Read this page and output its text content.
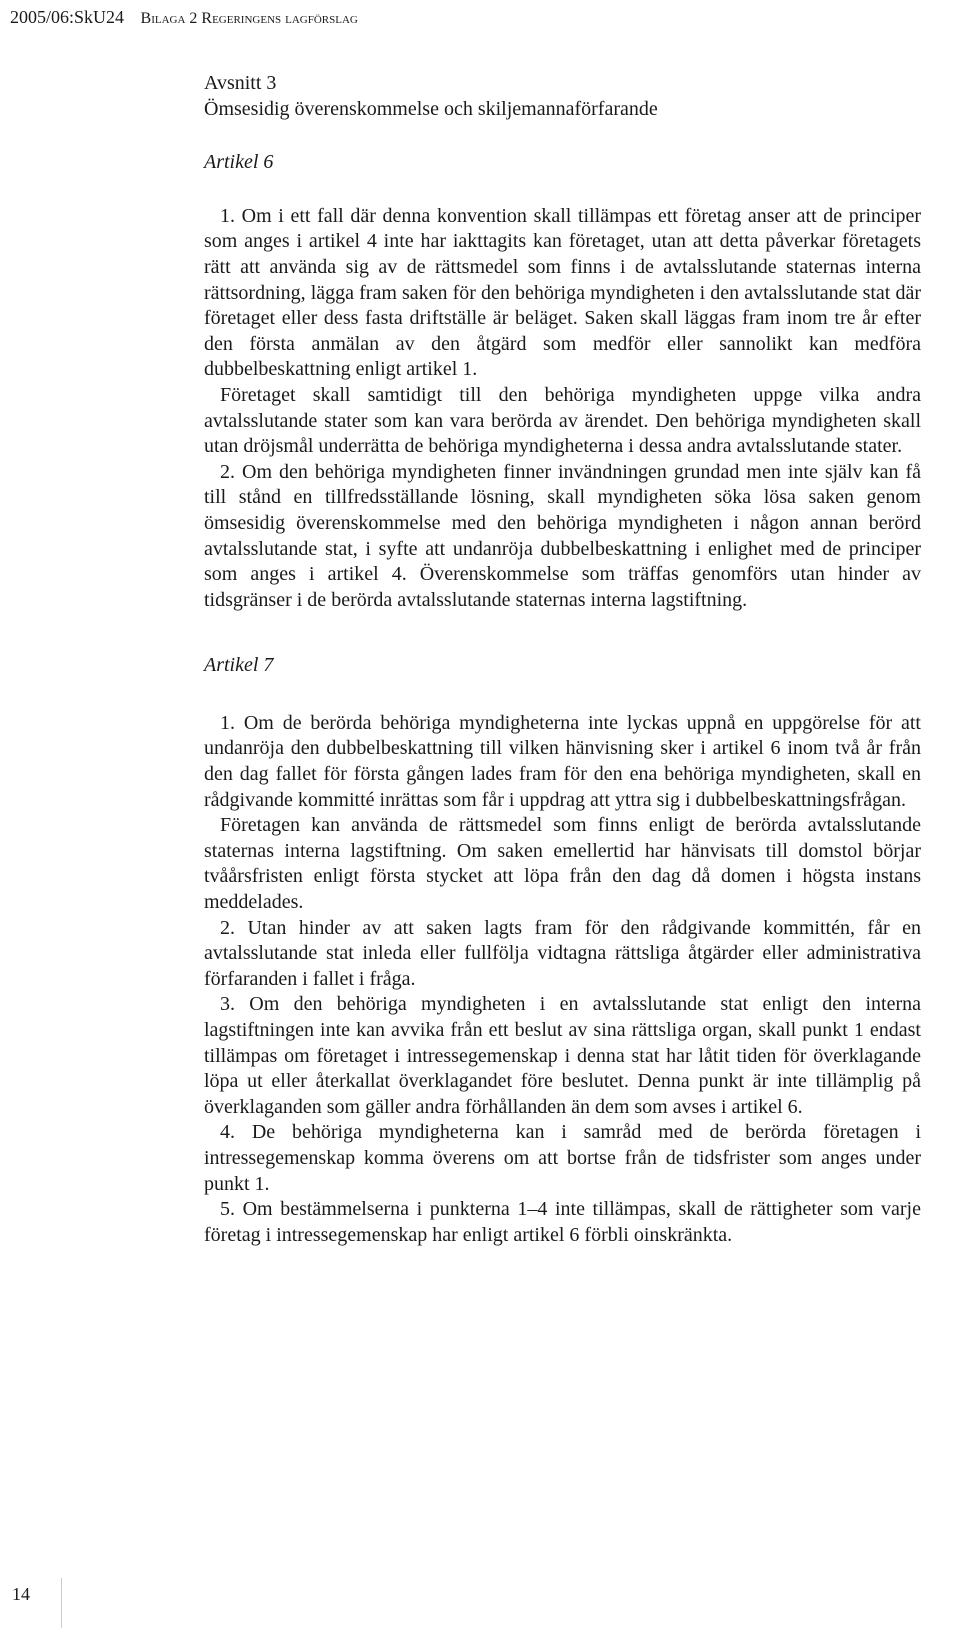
2005/06:SkU24 Bilaga 2 Regeringens lagförslag
Avsnitt 3
Ömsesidig överenskommelse och skiljemannaförfarande
Artikel 6

1. Om i ett fall där denna konvention skall tillämpas ett företag anser att de principer som anges i artikel 4 inte har iakttagits kan företaget, utan att detta påverkar företagets rätt att använda sig av de rättsmedel som finns i de avtalsslutande staternas interna rättsordning, lägga fram saken för den behöriga myndigheten i den avtalsslutande stat där företaget eller dess fasta driftställe är beläget. Saken skall läggas fram inom tre år efter den första anmälan av den åtgärd som medför eller sannolikt kan medföra dubbelbeskattning enligt artikel 1.

Företaget skall samtidigt till den behöriga myndigheten uppge vilka andra avtalsslutande stater som kan vara berörda av ärendet. Den behöriga myndigheten skall utan dröjsmål underrätta de behöriga myndigheterna i dessa andra avtalsslutande stater.

2. Om den behöriga myndigheten finner invändningen grundad men inte själv kan få till stånd en tillfredsställande lösning, skall myndigheten söka lösa saken genom ömsesidig överenskommelse med den behöriga myndigheten i någon annan berörd avtalsslutande stat, i syfte att undanröja dubbelbeskattning i enlighet med de principer som anges i artikel 4. Överenskommelse som träffas genomförs utan hinder av tidsgränser i de berörda avtalsslutande staternas interna lagstiftning.

Artikel 7

1. Om de berörda behöriga myndigheterna inte lyckas uppnå en uppgörelse för att undanröja den dubbelbeskattning till vilken hänvisning sker i artikel 6 inom två år från den dag fallet för första gången lades fram för den ena behöriga myndigheten, skall en rådgivande kommitté inrättas som får i uppdrag att yttra sig i dubbelbeskattningsfrågan.

Företagen kan använda de rättsmedel som finns enligt de berörda avtalsslutande staternas interna lagstiftning. Om saken emellertid har hänvisats till domstol börjar tvåårsfristen enligt första stycket att löpa från den dag då domen i högsta instans meddelades.

2. Utan hinder av att saken lagts fram för den rådgivande kommittén, får en avtalsslutande stat inleda eller fullfölja vidtagna rättsliga åtgärder eller administrativa förfaranden i fallet i fråga.

3. Om den behöriga myndigheten i en avtalsslutande stat enligt den interna lagstiftningen inte kan avvika från ett beslut av sina rättsliga organ, skall punkt 1 endast tillämpas om företaget i intressegemenskap i denna stat har låtit tiden för överklagande löpa ut eller återkallat överklagandet före beslutet. Denna punkt är inte tillämplig på överklaganden som gäller andra förhållanden än dem som avses i artikel 6.

4. De behöriga myndigheterna kan i samråd med de berörda företagen i intressegemenskap komma överens om att bortse från de tidsfrister som anges under punkt 1.

5. Om bestämmelserna i punkterna 1–4 inte tillämpas, skall de rättigheter som varje företag i intressegemenskap har enligt artikel 6 förbli oinskränkta.

14
